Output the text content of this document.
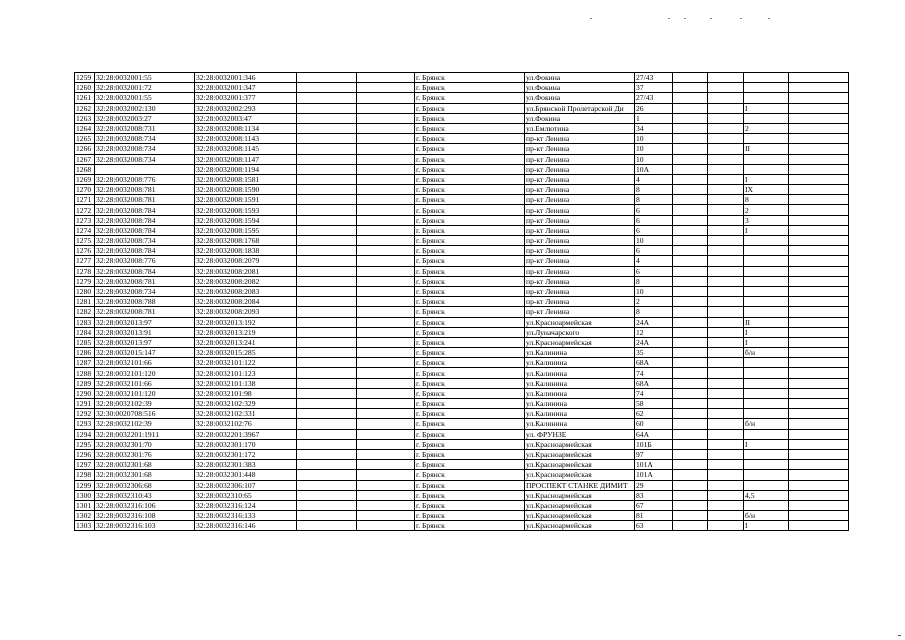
1259	32:28:0032001:55	32:28:0032001:346			г. Брянск	ул.Фокина	27/43				
1260	32:28:0032001:72	32:28:0032001:347			г. Брянск	ул.Фокина	37				
1261	32:28:0032001:55	32:28:0032001:377			г. Брянск	ул.Фокина	27/43				
1262	32:28:0032002:130	32:28:0032002:293			г. Брянск	ул.Брянской Пролетарской Ди	26			I	
1263	32:28:0032003:27	32:28:0032003:47			г. Брянск	ул.Фокина	1				
1264	32:28:0032008:731	32:28:0032008:1134			г. Брянск	ул.Емлютина	34			2	
1265	32:28:0032008:734	32:28:0032008:1143			г. Брянск	пр-кт Ленина	10				
1266	32:28:0032008:734	32:28:0032008:1145			г. Брянск	пр-кт Ленина	10			II	
1267	32:28:0032008:734	32:28:0032008:1147			г. Брянск	пр-кт Ленина	10				
1268		32:28:0032008:1194			г. Брянск	пр-кт Ленина	10А				
1269	32:28:0032008:776	32:28:0032008:1581			г. Брянск	пр-кт Ленина	4			I	
1270	32:28:0032008:781	32:28:0032008:1590			г. Брянск	пр-кт Ленина	8			IX	
1271	32:28:0032008:781	32:28:0032008:1591			г. Брянск	пр-кт Ленина	8			8	
1272	32:28:0032008:784	32:28:0032008:1593			г. Брянск	пр-кт Ленина	6			2	
1273	32:28:0032008:784	32:28:0032008:1594			г. Брянск	пр-кт Ленина	6			3	
1274	32:28:0032008:784	32:28:0032008:1595			г. Брянск	пр-кт Ленина	6			I	
1275	32:28:0032008:734	32:28:0032008:1768			г. Брянск	пр-кт Ленина	10				
1276	32:28:0032008:784	32:28:0032008:1838			г. Брянск	пр-кт Ленина	6				
1277	32:28:0032008:776	32:28:0032008:2079			г. Брянск	пр-кт Ленина	4				
1278	32:28:0032008:784	32:28:0032008:2081			г. Брянск	пр-кт Ленина	6				
1279	32:28:0032008:781	32:28:0032008:2082			г. Брянск	пр-кт Ленина	8				
1280	32:28:0032008:734	32:28:0032008:2083			г. Брянск	пр-кт Ленина	10				
1281	32:28:0032008:788	32:28:0032008:2084			г. Брянск	пр-кт Ленина	2				
1282	32:28:0032008:781	32:28:0032008:2093			г. Брянск	пр-кт Ленина	8				
1283	32:28:0032013:97	32:28:0032013:192			г. Брянск	ул.Красноармейская	24А			II	
1284	32:28:0032013:91	32:28:0032013:219			г. Брянск	ул.Луначарского	12			I	
1285	32:28:0032013:97	32:28:0032013:241			г. Брянск	ул.Красноармейская	24А			I	
1286	32:28:0032015:147	32:28:0032015:285			г. Брянск	ул.Калинина	35			б/н	
1287	32:28:0032101:66	32:28:0032101:122			г. Брянск	ул.Калинина	68А				
1288	32:28:0032101:120	32:28:0032101:123			г. Брянск	ул.Калинина	74				
1289	32:28:0032101:66	32:28:0032101:138			г. Брянск	ул.Калинина	68А				
1290	32:28:0032101:120	32:28:0032101:98			г. Брянск	ул.Калинина	74				
1291	32:28:0032102:39	32:28:0032102:329			г. Брянск	ул.Калинина	58				
1292	32:30:0020708:516	32:28:0032102:331			г. Брянск	ул.Калинина	62				
1293	32:28:0032102:39	32:28:0032102:76			г. Брянск	ул.Калинина	60			б/н	
1294	32:28:0032201:1911	32:28:0032201:3967			г. Брянск	ул. ФРУНЗЕ	64А				
1295	32:28:0032301:70	32:28:0032301:170			г. Брянск	ул.Красноармейская	101Б			I	
1296	32:28:0032301:76	32:28:0032301:172			г. Брянск	ул.Красноармейская	97				
1297	32:28:0032301:68	32:28:0032301:383			г. Брянск	ул.Красноармейская	101А				
1298	32:28:0032301:68	32:28:0032301:448			г. Брянск	ул.Красноармейская	101А				
1299	32:28:0032306:68	32:28:0032306:107			г. Брянск	ПРОСПЕКТ СТАНКЕ ДИМИТ	29				
1300	32:28:0032310:43	32:28:0032310:65			г. Брянск	ул.Красноармейская	83			4,5	
1301	32:28:0032316:106	32:28:0032316:124			г. Брянск	ул.Красноармейская	67				
1302	32:28:0032316:108	32:28:0032316:133			г. Брянск	ул.Красноармейская	81			б/н	
1303	32:28:0032316:103	32:28:0032316:146			г. Брянск	ул.Красноармейская	63			I	
